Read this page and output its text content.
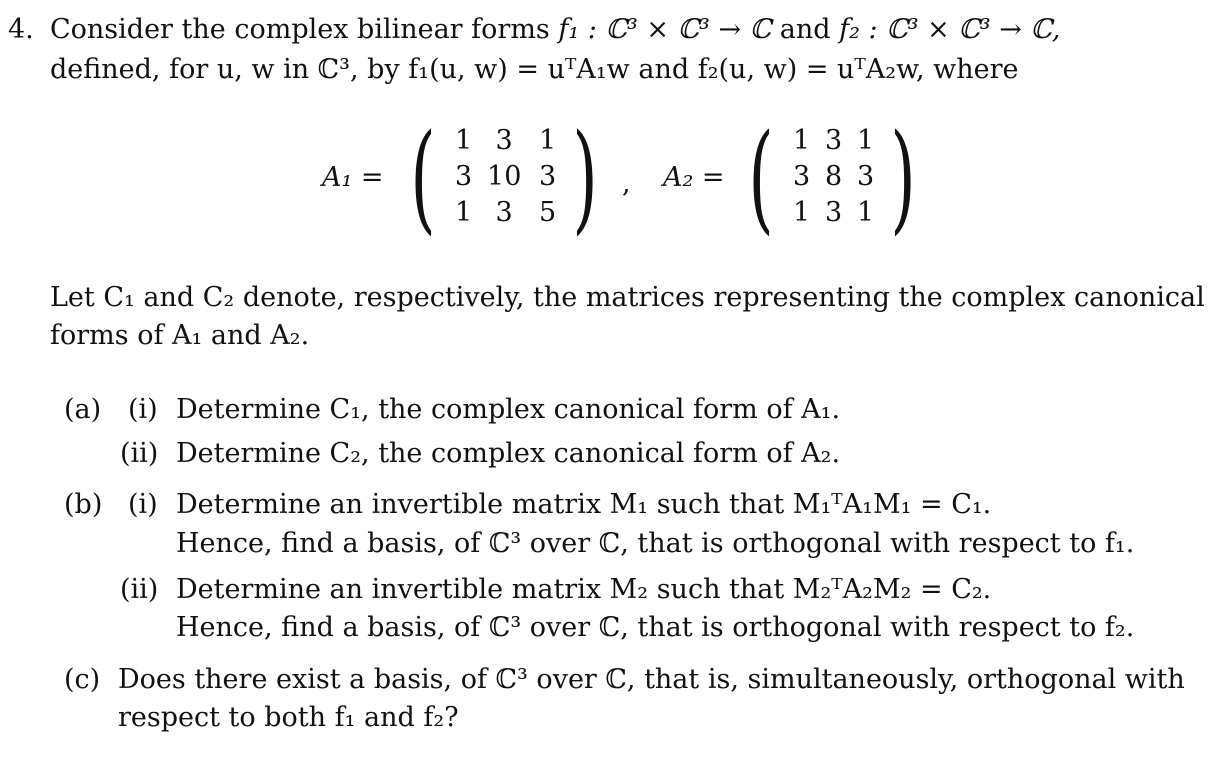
4. Consider the complex bilinear forms f₁ : ℂ³ × ℂ³ → ℂ and f₂ : ℂ³ × ℂ³ → ℂ,
defined, for u, w in ℂ³, by f₁(u, w) = uᵀA₁w and f₂(u, w) = uᵀA₂w, where
A₁ = ( 1 3 1
3 10 3
1 3 5 ) , A₂ = ( 1 3 1
3 8 3
1 3 1 )
Let C₁ and C₂ denote, respectively, the matrices representing the complex canonical
forms of A₁ and A₂.
(a) (i) Determine C₁, the complex canonical form of A₁.
(ii) Determine C₂, the complex canonical form of A₂.
(b) (i) Determine an invertible matrix M₁ such that M₁ᵀA₁M₁ = C₁.
Hence, find a basis, of ℂ³ over ℂ, that is orthogonal with respect to f₁.
(ii) Determine an invertible matrix M₂ such that M₂ᵀA₂M₂ = C₂.
Hence, find a basis, of ℂ³ over ℂ, that is orthogonal with respect to f₂.
(c) Does there exist a basis, of ℂ³ over ℂ, that is, simultaneously, orthogonal with
respect to both f₁ and f₂?
